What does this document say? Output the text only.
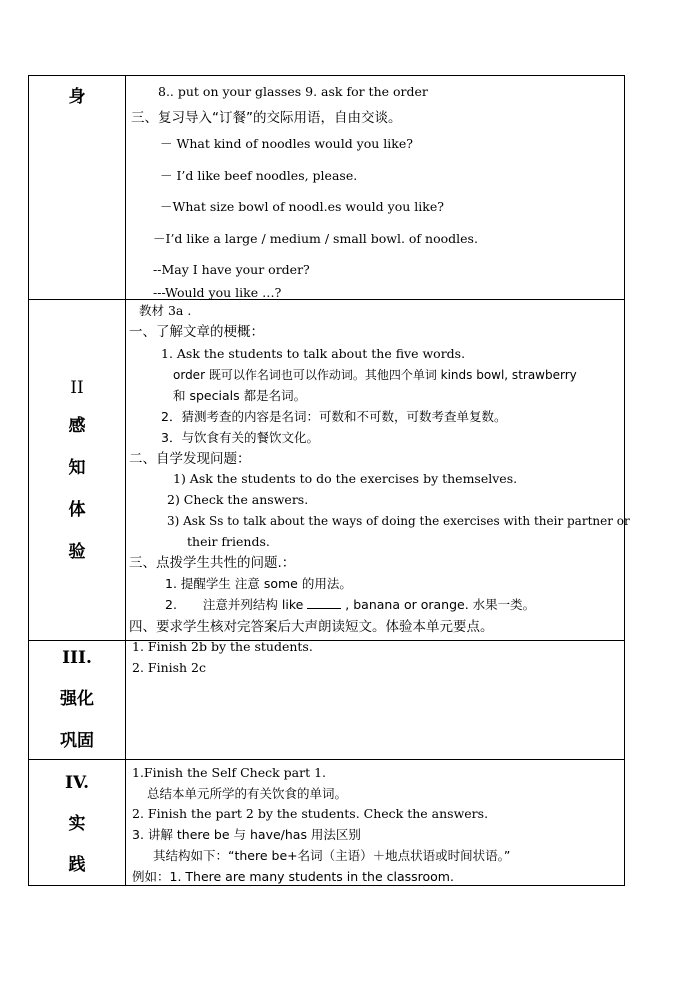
身	8.. put on your glasses 9. ask for the order
三、复习导入“订餐”的交际用语，自由交谈。
－ What kind of noodles would you like?
－ I’d like beef noodles, please.
－What size bowl of noodl.es would you like?
－I’d like a large / medium / small bowl. of noodles.
--May I have your order?
---Would you like …?
II
感
知
体
验
教材 3a .
一、了解文章的梗概：
1. Ask the students to talk about the five words.
order 既可以作名词也可以作动词。其他四个单词 kinds bowl, strawberry
和 specials 都是名词。
2．猜测考查的内容是名词：可数和不可数，可数考查单复数。
3．与饮食有关的餐饮文化。
二、自学发现问题：
1) Ask the students to do the exercises by themselves.
2) Check the answers.
3) Ask Ss to talk about the ways of doing the exercises with their partner or
their friends.
三、点拨学生共性的问题.：
1. 提醒学生 注意 some 的用法。
2. 注意并列结构 like	, banana or orange. 水果一类。
四、要求学生核对完答案后大声朗读短文。体验本单元要点。
III.
强化
巩固
1. Finish 2b by the students.
2. Finish 2c
IV.
实
践
1.Finish the Self Check part 1.
总结本单元所学的有关饮食的单词。
2. Finish the part 2 by the students. Check the answers.
3. 讲解 there be 与 have/has 用法区别
其结构如下：“there be+名词（主语）＋地点状语或时间状语。”
例如：1. There are many students in the classroom.
